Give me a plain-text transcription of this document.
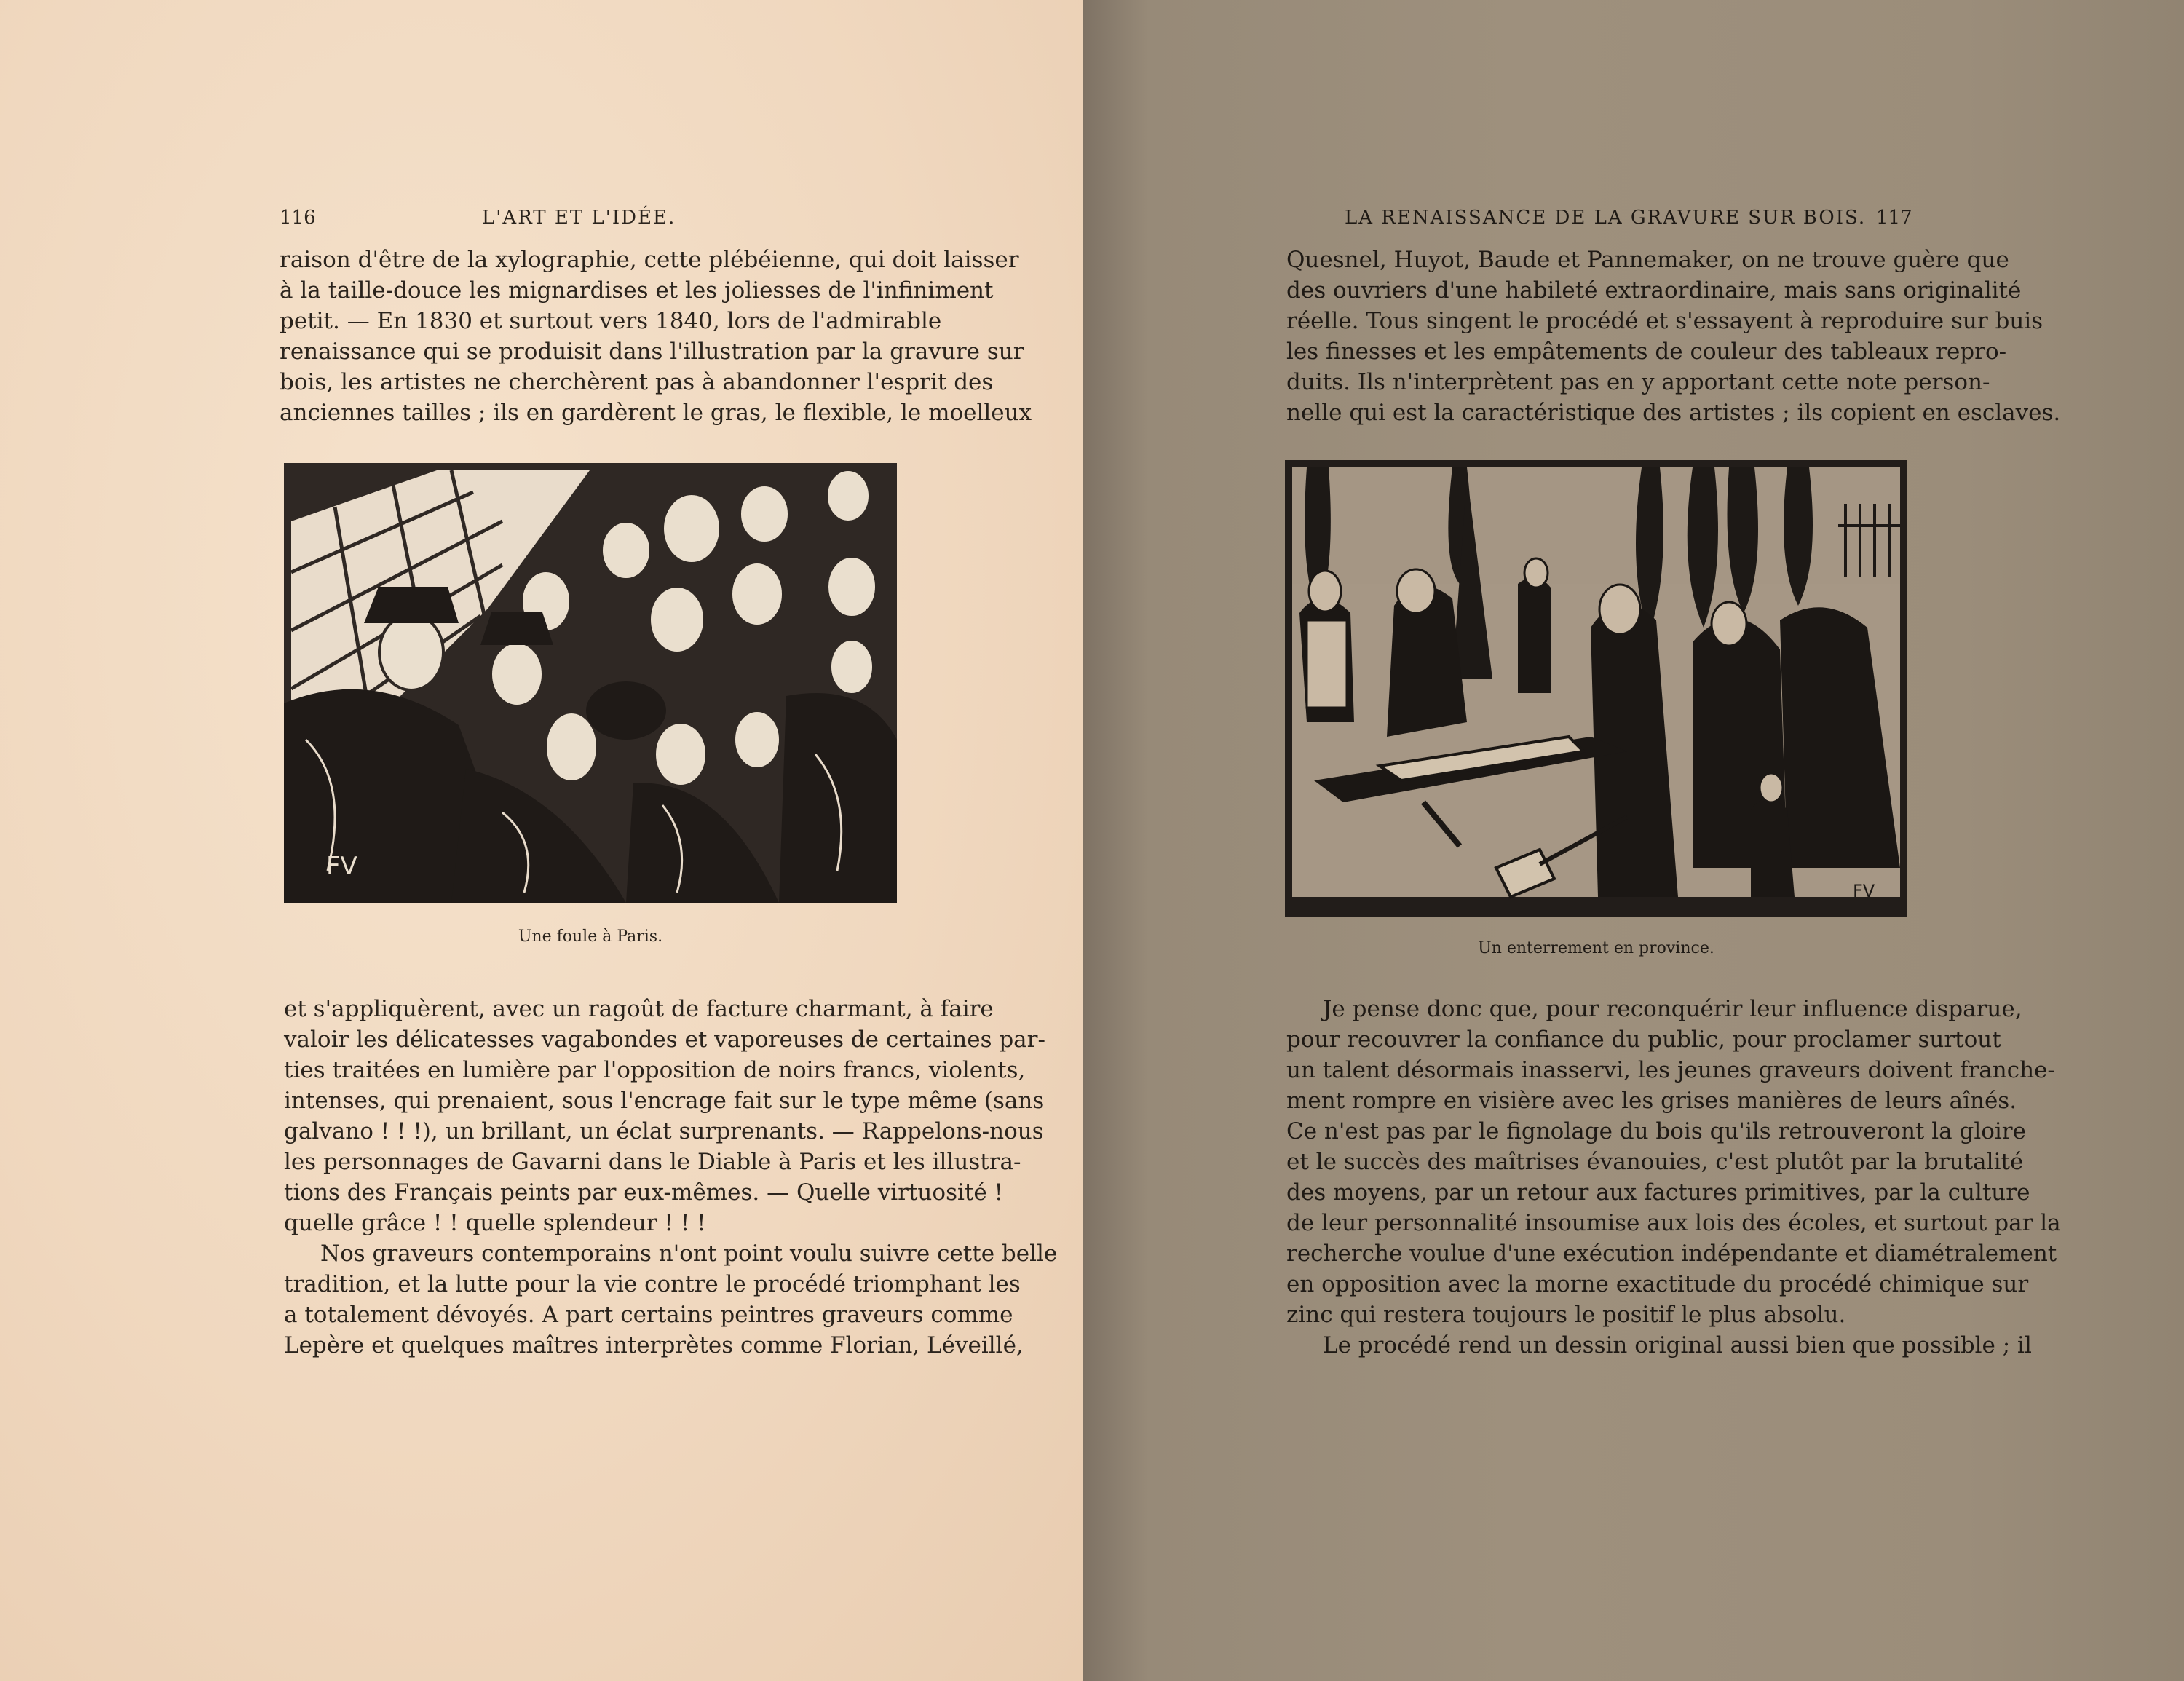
116	L'ART ET L'IDÉE.
raison d'être de la xylographie, cette plébéienne, qui doit laisser
à la taille-douce les mignardises et les joliesses de l'infiniment
petit. — En 1830 et surtout vers 1840, lors de l'admirable
renaissance qui se produisit dans l'illustration par la gravure sur
bois, les artistes ne cherchèrent pas à abandonner l'esprit des
anciennes tailles ; ils en gardèrent le gras, le flexible, le moelleux
FV
Une foule à Paris.
et s'appliquèrent, avec un ragoût de facture charmant, à faire
valoir les délicatesses vagabondes et vaporeuses de certaines par-
ties traitées en lumière par l'opposition de noirs francs, violents,
intenses, qui prenaient, sous l'encrage fait sur le type même (sans
galvano ! ! !), un brillant, un éclat surprenants. — Rappelons-nous
les personnages de Gavarni dans le Diable à Paris et les illustra-
tions des Français peints par eux-mêmes. — Quelle virtuosité !
quelle grâce ! ! quelle splendeur ! ! !
Nos graveurs contemporains n'ont point voulu suivre cette belle
tradition, et la lutte pour la vie contre le procédé triomphant les
a totalement dévoyés. A part certains peintres graveurs comme
Lepère et quelques maîtres interprètes comme Florian, Léveillé,
LA RENAISSANCE DE LA GRAVURE SUR BOIS. 117
Quesnel, Huyot, Baude et Pannemaker, on ne trouve guère que
des ouvriers d'une habileté extraordinaire, mais sans originalité
réelle. Tous singent le procédé et s'essayent à reproduire sur buis
les finesses et les empâtements de couleur des tableaux repro-
duits. Ils n'interprètent pas en y apportant cette note person-
nelle qui est la caractéristique des artistes ; ils copient en esclaves.
FV
Un enterrement en province.
Je pense donc que, pour reconquérir leur influence disparue,
pour recouvrer la confiance du public, pour proclamer surtout
un talent désormais inasservi, les jeunes graveurs doivent franche-
ment rompre en visière avec les grises manières de leurs aînés.
Ce n'est pas par le fignolage du bois qu'ils retrouveront la gloire
et le succès des maîtrises évanouies, c'est plutôt par la brutalité
des moyens, par un retour aux factures primitives, par la culture
de leur personnalité insoumise aux lois des écoles, et surtout par la
recherche voulue d'une exécution indépendante et diamétralement
en opposition avec la morne exactitude du procédé chimique sur
zinc qui restera toujours le positif le plus absolu.
Le procédé rend un dessin original aussi bien que possible ; il
